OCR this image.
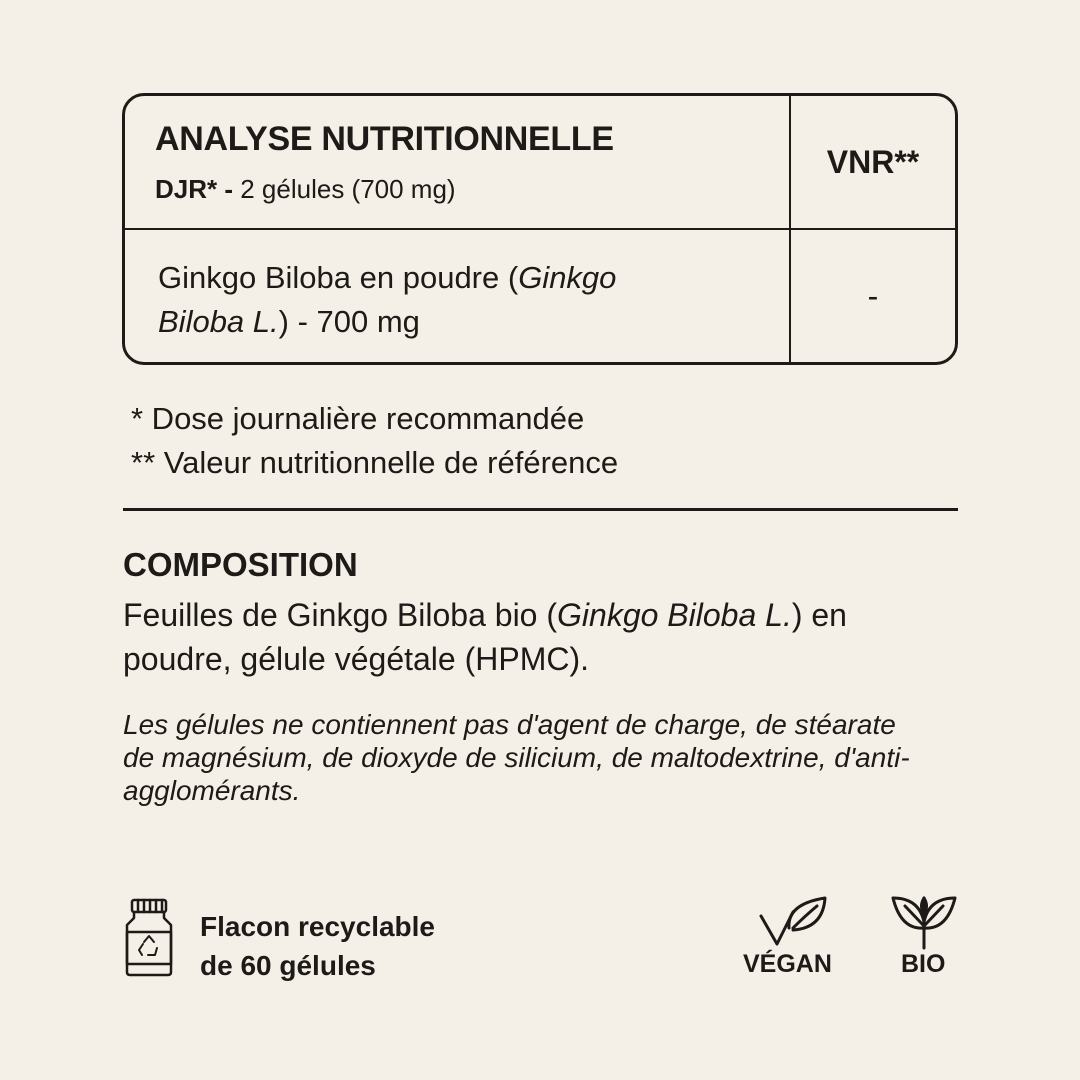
ANALYSE NUTRITIONNELLE
DJR* - 2 gélules (700 mg)
VNR**
Ginkgo Biloba en poudre (Ginkgo
Biloba L.) - 700 mg
-
* Dose journalière recommandée
** Valeur nutritionnelle de référence
COMPOSITION
Feuilles de Ginkgo Biloba bio (Ginkgo Biloba L.) en poudre, gélule végétale (HPMC).
Les gélules ne contiennent pas d'agent de charge, de stéarate de magnésium, de dioxyde de silicium, de maltodextrine, d'anti-agglomérants.
Flacon recyclable
de 60 gélules	VÉGAN	BIO
